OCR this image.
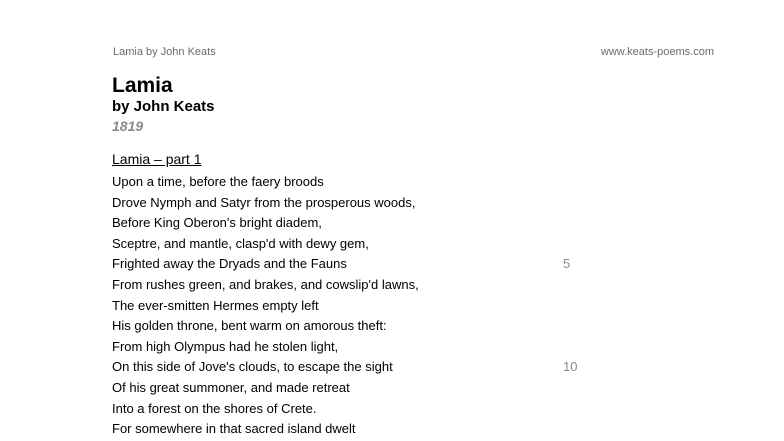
Lamia by John Keats	www.keats-poems.com
Lamia
by John Keats
1819
Lamia – part 1
Upon a time, before the faery broods
Drove Nymph and Satyr from the prosperous woods,
Before King Oberon's bright diadem,
Sceptre, and mantle, clasp'd with dewy gem,
Frighted away the Dryads and the Fauns	5
From rushes green, and brakes, and cowslip'd lawns,
The ever-smitten Hermes empty left
His golden throne, bent warm on amorous theft:
From high Olympus had he stolen light,
On this side of Jove's clouds, to escape the sight	10
Of his great summoner, and made retreat
Into a forest on the shores of Crete.
For somewhere in that sacred island dwelt
